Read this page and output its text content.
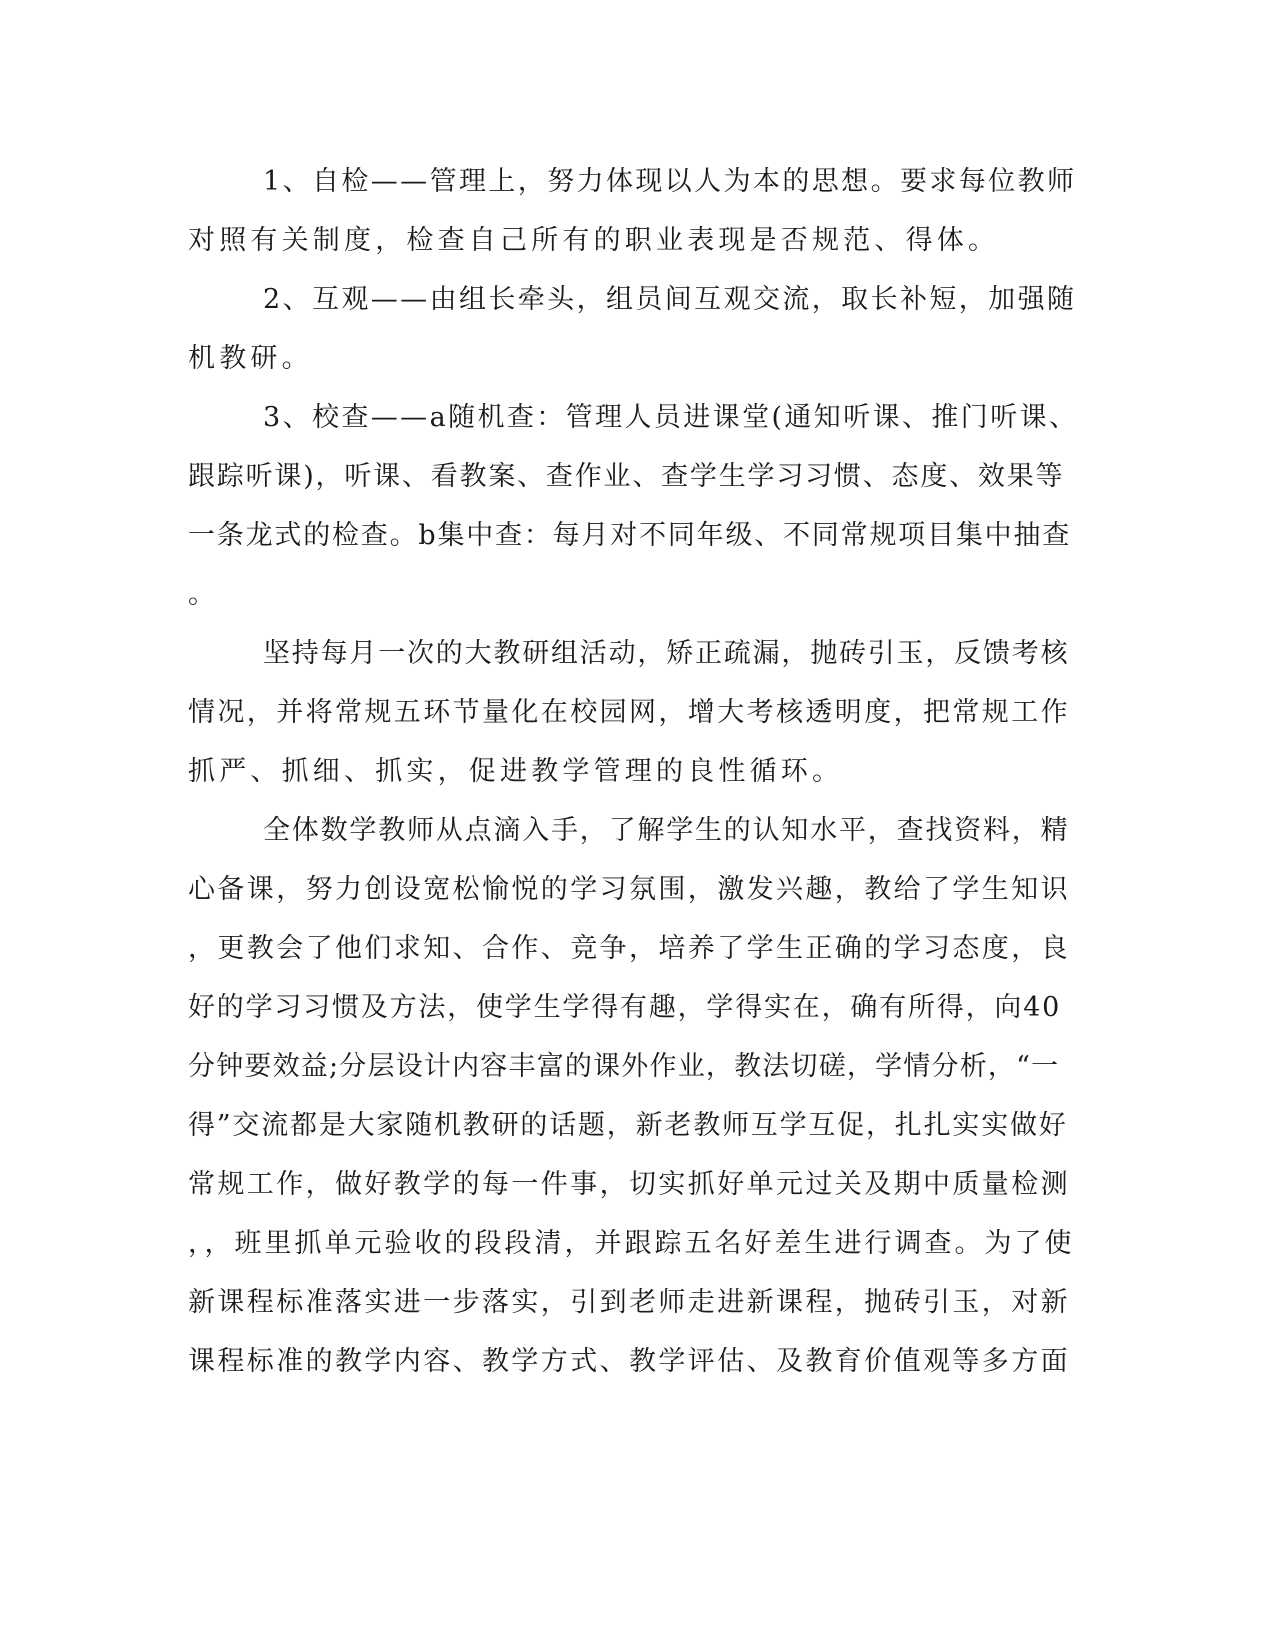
1、自检——管理上，努力体现以人为本的思想。要求每位教师
对照有关制度，检查自己所有的职业表现是否规范、得体。
2、互观——由组长牵头，组员间互观交流，取长补短，加强随
机教研。
3、校查——a随机查：管理人员进课堂(通知听课、推门听课、
跟踪听课)，听课、看教案、查作业、查学生学习习惯、态度、效果等
一条龙式的检查。b集中查：每月对不同年级、不同常规项目集中抽查
。
坚持每月一次的大教研组活动，矫正疏漏，抛砖引玉，反馈考核
情况，并将常规五环节量化在校园网，增大考核透明度，把常规工作
抓严、抓细、抓实，促进教学管理的良性循环。
全体数学教师从点滴入手，了解学生的认知水平，查找资料，精
心备课，努力创设宽松愉悦的学习氛围，激发兴趣，教给了学生知识
，更教会了他们求知、合作、竞争，培养了学生正确的学习态度，良
好的学习习惯及方法，使学生学得有趣，学得实在，确有所得，向40
分钟要效益;分层设计内容丰富的课外作业，教法切磋，学情分析，“一
得”交流都是大家随机教研的话题，新老教师互学互促，扎扎实实做好
常规工作，做好教学的每一件事，切实抓好单元过关及期中质量检测
，，班里抓单元验收的段段清，并跟踪五名好差生进行调查。为了使
新课程标准落实进一步落实，引到老师走进新课程，抛砖引玉，对新
课程标准的教学内容、教学方式、教学评估、及教育价值观等多方面
